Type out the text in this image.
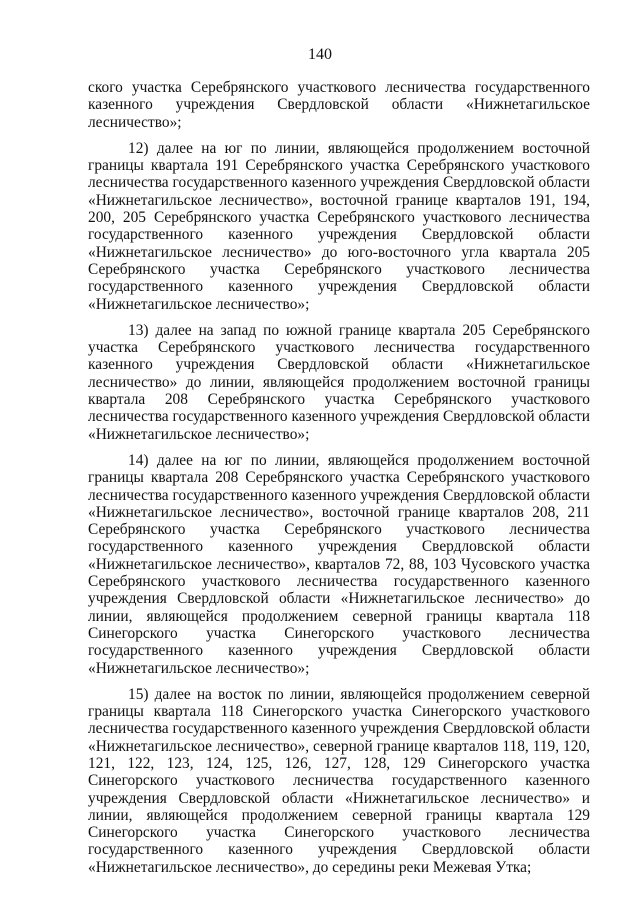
140

ского участка Серебрянского участкового лесничества государственного казенного учреждения Свердловской области «Нижнетагильское лесничество»;

12) далее на юг по линии, являющейся продолжением восточной границы квартала 191 Серебрянского участка Серебрянского участкового лесничества государственного казенного учреждения Свердловской области «Нижнетагильское лесничество», восточной границе кварталов 191, 194, 200, 205 Серебрянского участка Серебрянского участкового лесничества государственного казенного учреждения Свердловской области «Нижнетагильское лесничество» до юго-восточного угла квартала 205 Серебрянского участка Серебрянского участкового лесничества государственного казенного учреждения Свердловской области «Нижнетагильское лесничество»;

13) далее на запад по южной границе квартала 205 Серебрянского участка Серебрянского участкового лесничества государственного казенного учреждения Свердловской области «Нижнетагильское лесничество» до линии, являющейся продолжением восточной границы квартала 208 Серебрянского участка Серебрянского участкового лесничества государственного казенного учреждения Свердловской области «Нижнетагильское лесничество»;

14) далее на юг по линии, являющейся продолжением восточной границы квартала 208 Серебрянского участка Серебрянского участкового лесничества государственного казенного учреждения Свердловской области «Нижнетагильское лесничество», восточной границе кварталов 208, 211 Серебрянского участка Серебрянского участкового лесничества государственного казенного учреждения Свердловской области «Нижнетагильское лесничество», кварталов 72, 88, 103 Чусовского участка Серебрянского участкового лесничества государственного казенного учреждения Свердловской области «Нижнетагильское лесничество» до линии, являющейся продолжением северной границы квартала 118 Синегорского участка Синегорского участкового лесничества государственного казенного учреждения Свердловской области «Нижнетагильское лесничество»;

15) далее на восток по линии, являющейся продолжением северной границы квартала 118 Синегорского участка Синегорского участкового лесничества государственного казенного учреждения Свердловской области «Нижнетагильское лесничество», северной границе кварталов 118, 119, 120, 121, 122, 123, 124, 125, 126, 127, 128, 129 Синегорского участка Синегорского участкового лесничества государственного казенного учреждения Свердловской области «Нижнетагильское лесничество» и линии, являющейся продолжением северной границы квартала 129 Синегорского участка Синегорского участкового лесничества государственного казенного учреждения Свердловской области «Нижнетагильское лесничество», до середины реки Межевая Утка;
